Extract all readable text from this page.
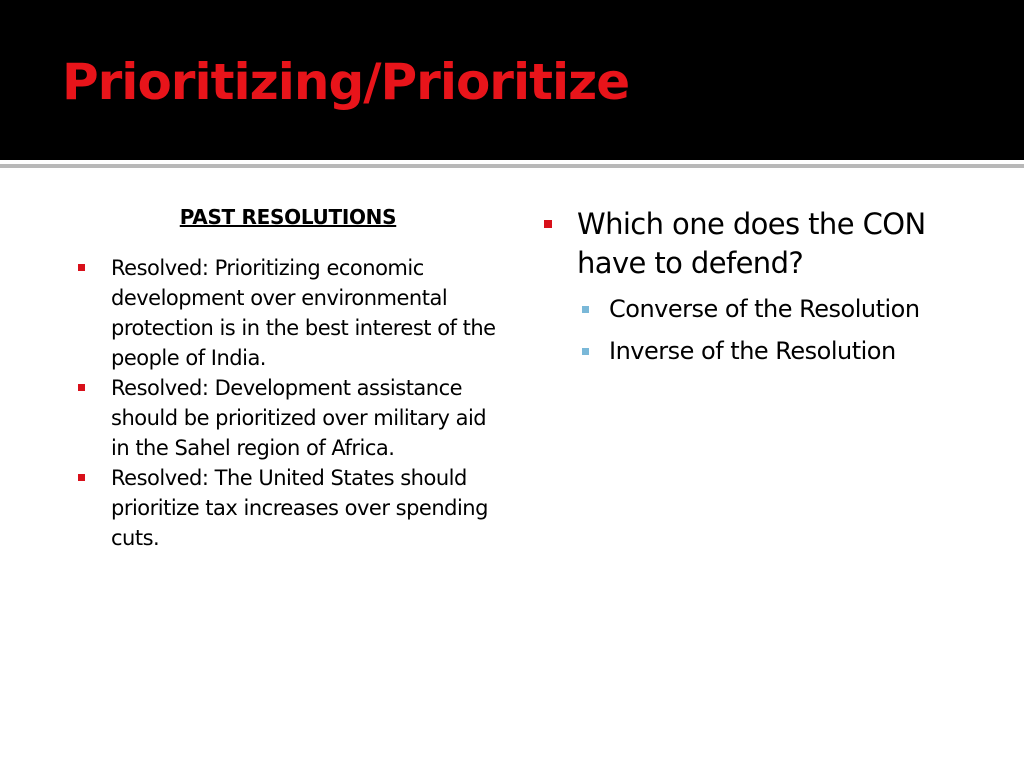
Prioritizing/Prioritize
PAST RESOLUTIONS
Resolved: Prioritizing economic development over environmental protection is in the best interest of the people of India.
Resolved: Development assistance should be prioritized over military aid in the Sahel region of Africa.
Resolved: The United States should prioritize tax increases over spending cuts.
Which one does the CON have to defend?
Converse of the Resolution
Inverse of the Resolution
